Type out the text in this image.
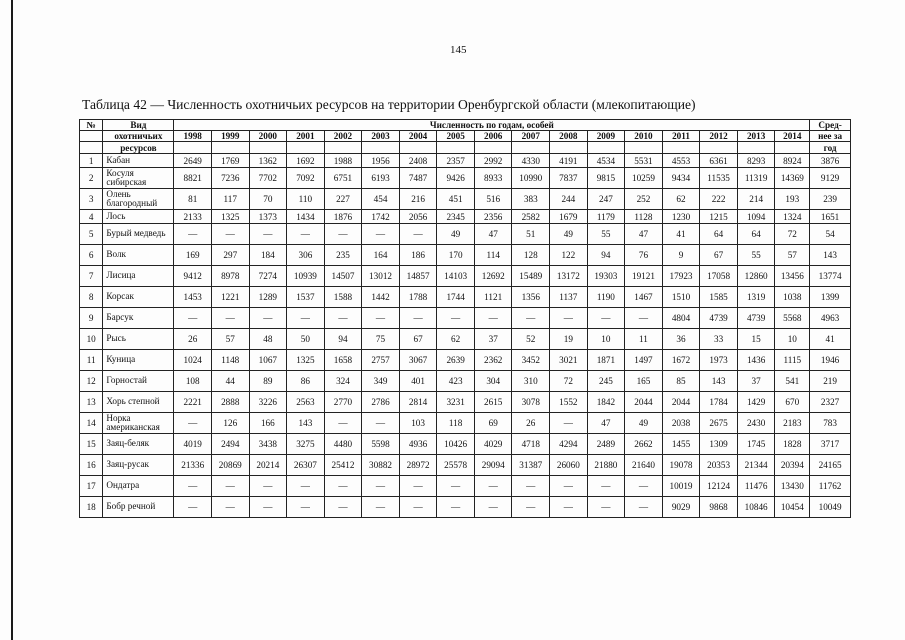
145
Таблица 42 — Численность охотничьих ресурсов на территории Оренбургской области (млекопитающие)
№	Вид	Численность по годам, особей																	Сред-
	охотничьих	1998	1999	2000	2001	2002	2003	2004	2005	2006	2007	2008	2009	2010	2011	2012	2013	2014	нее за
	ресурсов																		год
1	Кабан	2649	1769	1362	1692	1988	1956	2408	2357	2992	4330	4191	4534	5531	4553	6361	8293	8924	3876
2	Косуля сибирская	8821	7236	7702	7092	6751	6193	7487	9426	8933	10990	7837	9815	10259	9434	11535	11319	14369	9129
3	Олень благородный	81	117	70	110	227	454	216	451	516	383	244	247	252	62	222	214	193	239
4	Лось	2133	1325	1373	1434	1876	1742	2056	2345	2356	2582	1679	1179	1128	1230	1215	1094	1324	1651
5	Бурый медведь	—	—	—	—	—	—	—	49	47	51	49	55	47	41	64	64	72	54
6	Волк	169	297	184	306	235	164	186	170	114	128	122	94	76	9	67	55	57	143
7	Лисица	9412	8978	7274	10939	14507	13012	14857	14103	12692	15489	13172	19303	19121	17923	17058	12860	13456	13774
8	Корсак	1453	1221	1289	1537	1588	1442	1788	1744	1121	1356	1137	1190	1467	1510	1585	1319	1038	1399
9	Барсук	—	—	—	—	—	—	—	—	—	—	—	—	—	4804	4739	4739	5568	4963
10	Рысь	26	57	48	50	94	75	67	62	37	52	19	10	11	36	33	15	10	41
11	Куница	1024	1148	1067	1325	1658	2757	3067	2639	2362	3452	3021	1871	1497	1672	1973	1436	1115	1946
12	Горностай	108	44	89	86	324	349	401	423	304	310	72	245	165	85	143	37	541	219
13	Хорь степной	2221	2888	3226	2563	2770	2786	2814	3231	2615	3078	1552	1842	2044	2044	1784	1429	670	2327
14	Норка американская	—	126	166	143	—	—	103	118	69	26	—	47	49	2038	2675	2430	2183	783
15	Заяц-беляк	4019	2494	3438	3275	4480	5598	4936	10426	4029	4718	4294	2489	2662	1455	1309	1745	1828	3717
16	Заяц-русак	21336	20869	20214	26307	25412	30882	28972	25578	29094	31387	26060	21880	21640	19078	20353	21344	20394	24165
17	Ондатра	—	—	—	—	—	—	—	—	—	—	—	—	—	10019	12124	11476	13430	11762
18	Бобр речной	—	—	—	—	—	—	—	—	—	—	—	—	—	9029	9868	10846	10454	10049
